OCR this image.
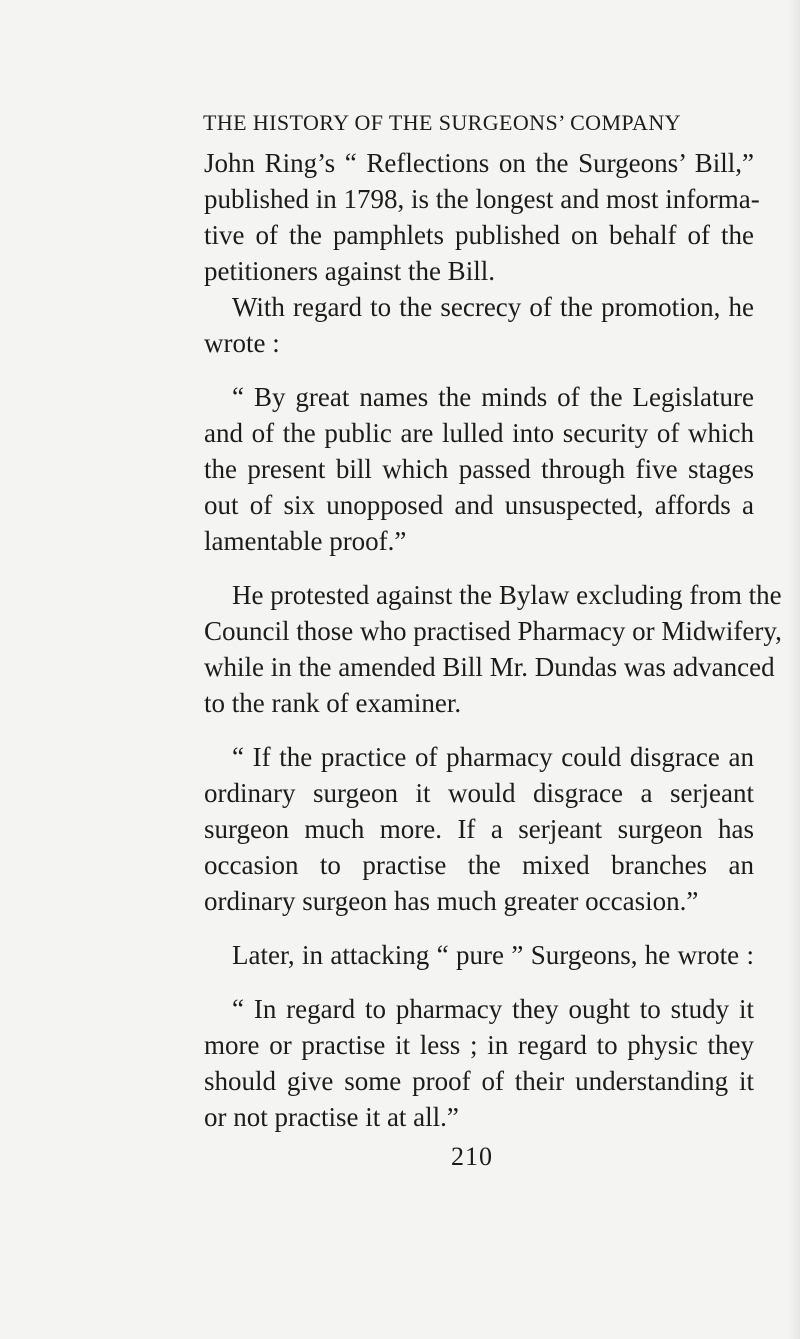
THE HISTORY OF THE SURGEONS’ COMPANY

John Ring’s “ Reflections on the Surgeons’ Bill,”

published in 1798, is the longest and most informa-

tive of the pamphlets published on behalf of the

petitioners against the Bill.

With regard to the secrecy of the promotion, he

wrote :

“ By great names the minds of the Legislature

and of the public are lulled into security of which

the present bill which passed through five stages

out of six unopposed and unsuspected, affords a

lamentable proof.”

He protested against the Bylaw excluding from the

Council those who practised Pharmacy or Midwifery,

while in the amended Bill Mr. Dundas was advanced

to the rank of examiner.

“ If the practice of pharmacy could disgrace an

ordinary surgeon it would disgrace a serjeant

surgeon much more. If a serjeant surgeon has

occasion to practise the mixed branches an

ordinary surgeon has much greater occasion.”

Later, in attacking “ pure ” Surgeons, he wrote :

“ In regard to pharmacy they ought to study it

more or practise it less ; in regard to physic they

should give some proof of their understanding it

or not practise it at all.”

210
